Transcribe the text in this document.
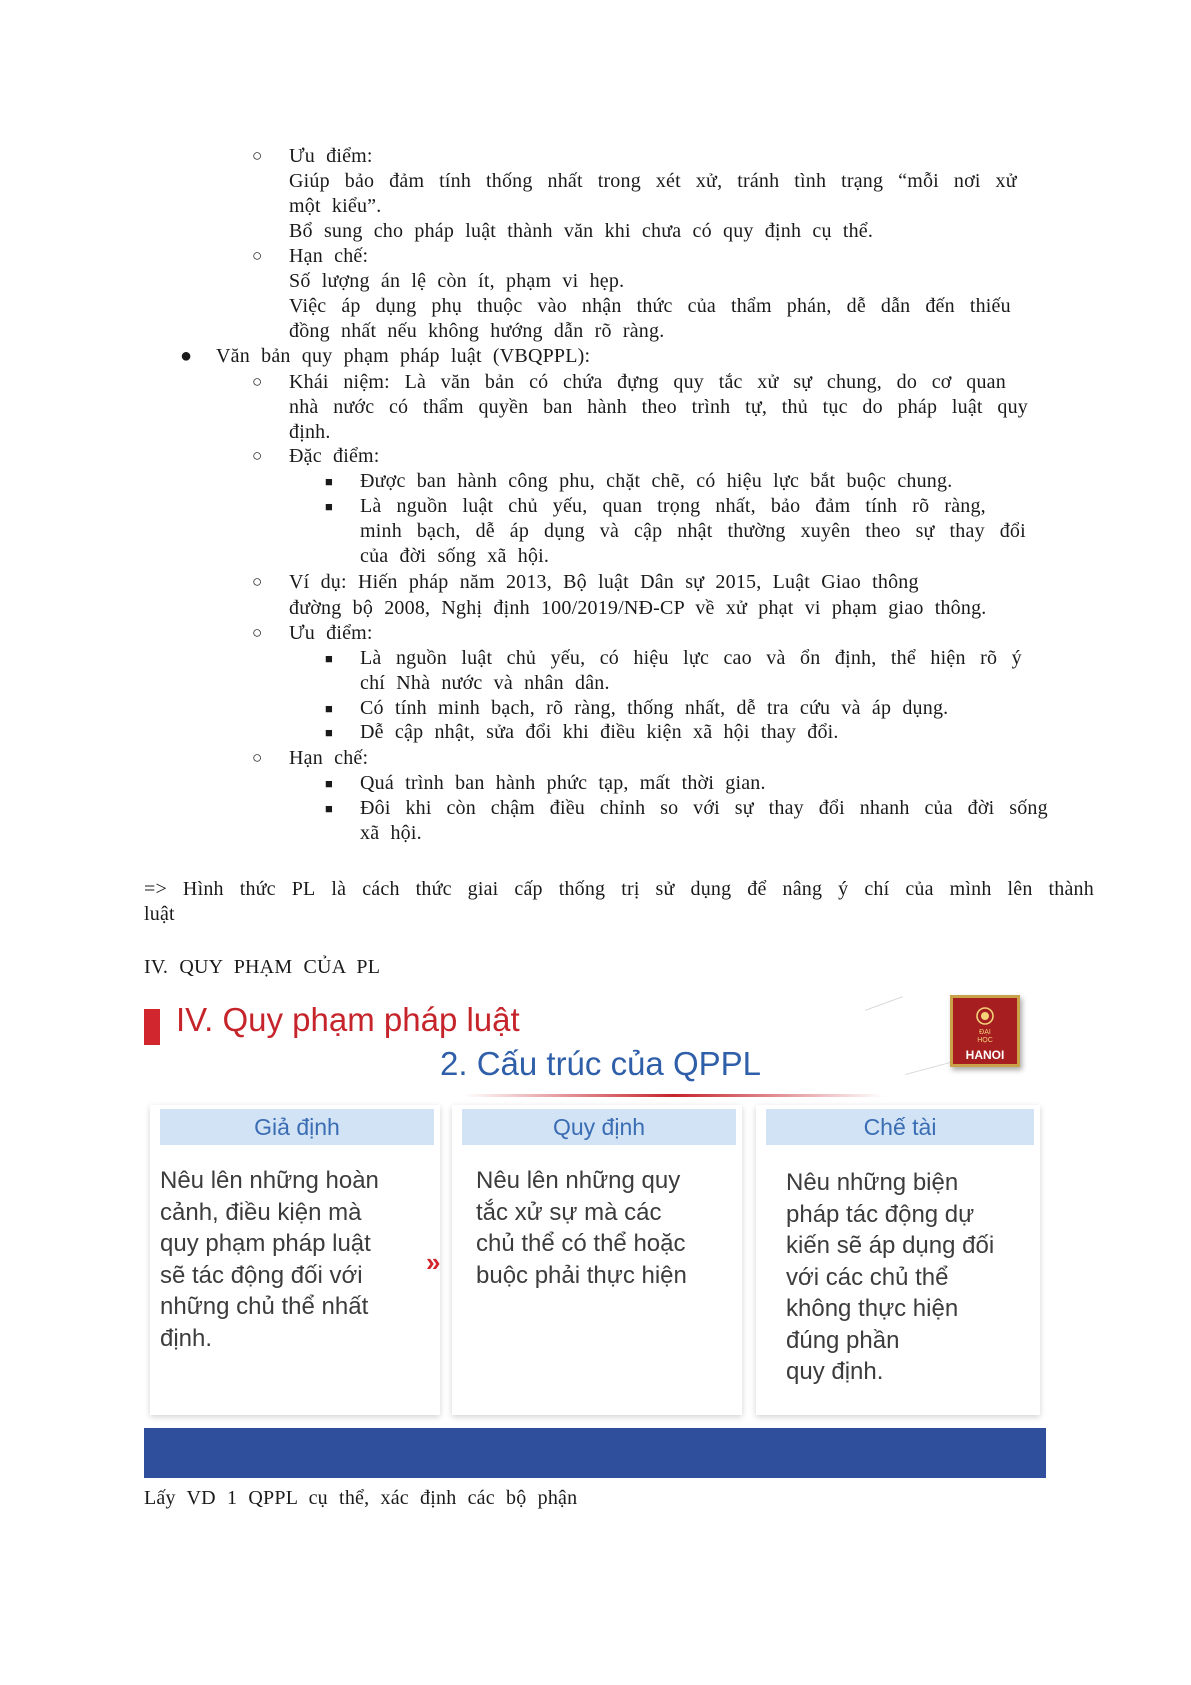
○ Ưu điểm:
Giúp bảo đảm tính thống nhất trong xét xử, tránh tình trạng “mỗi nơi xử
một kiểu”.
Bổ sung cho pháp luật thành văn khi chưa có quy định cụ thể.
○ Hạn chế:
Số lượng án lệ còn ít, phạm vi hẹp.
Việc áp dụng phụ thuộc vào nhận thức của thẩm phán, dễ dẫn đến thiếu
đồng nhất nếu không hướng dẫn rõ ràng.
● Văn bản quy phạm pháp luật (VBQPPL):
○ Khái niệm: Là văn bản có chứa đựng quy tắc xử sự chung, do cơ quan
nhà nước có thẩm quyền ban hành theo trình tự, thủ tục do pháp luật quy
định.
○ Đặc điểm:
■ Được ban hành công phu, chặt chẽ, có hiệu lực bắt buộc chung.
■ Là nguồn luật chủ yếu, quan trọng nhất, bảo đảm tính rõ ràng,
minh bạch, dễ áp dụng và cập nhật thường xuyên theo sự thay đổi
của đời sống xã hội.
○ Ví dụ: Hiến pháp năm 2013, Bộ luật Dân sự 2015, Luật Giao thông
đường bộ 2008, Nghị định 100/2019/NĐ-CP về xử phạt vi phạm giao thông.
○ Ưu điểm:
■ Là nguồn luật chủ yếu, có hiệu lực cao và ổn định, thể hiện rõ ý
chí Nhà nước và nhân dân.
■ Có tính minh bạch, rõ ràng, thống nhất, dễ tra cứu và áp dụng.
■ Dễ cập nhật, sửa đổi khi điều kiện xã hội thay đổi.
○ Hạn chế:
■ Quá trình ban hành phức tạp, mất thời gian.
■ Đôi khi còn chậm điều chỉnh so với sự thay đổi nhanh của đời sống
xã hội.
=> Hình thức PL là cách thức giai cấp thống trị sử dụng để nâng ý chí của mình lên thành
luật
IV. QUY PHẠM CỦA PL
IV. Quy phạm pháp luật
2. Cấu trúc của QPPL
ĐẠI
HỌC
HANOI
Giả định
Nêu lên những hoàn
cảnh, điều kiện mà
quy phạm pháp luật
sẽ tác động đối với
những chủ thể nhất
định.
»
Quy định
Nêu lên những quy
tắc xử sự mà các
chủ thể có thể hoặc
buộc phải thực hiện
Chế tài
Nêu những biện
pháp tác động dự
kiến sẽ áp dụng đối
với các chủ thể
không thực hiện
đúng phần
quy định.
Lấy VD 1 QPPL cụ thể, xác định các bộ phận
